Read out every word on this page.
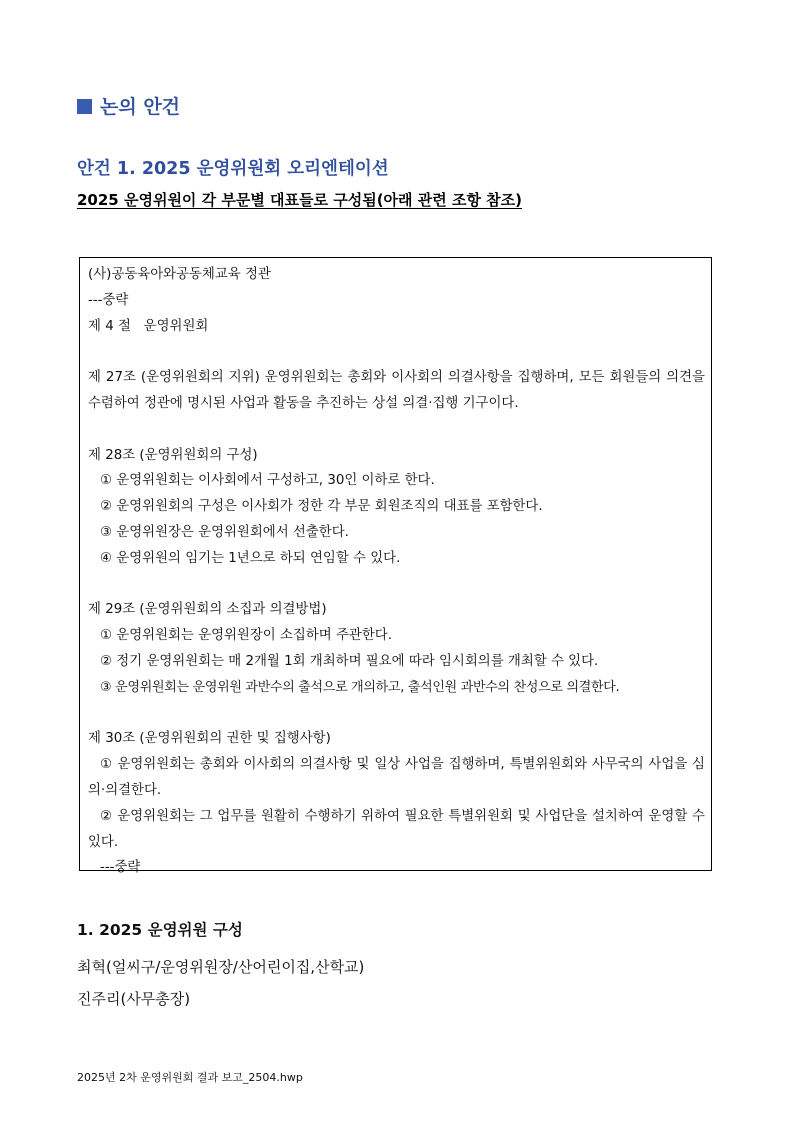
논의 안건
안건 1. 2025 운영위원회 오리엔테이션
2025 운영위원이 각 부문별 대표들로 구성됨(아래 관련 조항 참조)

(사)공동육아와공동체교육 정관

---중략

제 4 절   운영위원회

제 27조 (운영위원회의 지위) 운영위원회는 총회와 이사회의 의결사항을 집행하며, 모든 회원들의 의견을 수렴하여 정관에 명시된 사업과 활동을 추진하는 상설 의결·집행 기구이다.

제 28조 (운영위원회의 구성)

① 운영위원회는 이사회에서 구성하고, 30인 이하로 한다.

② 운영위원회의 구성은 이사회가 정한 각 부문 회원조직의 대표를 포함한다.

③ 운영위원장은 운영위원회에서 선출한다.

④ 운영위원의 임기는 1년으로 하되 연임할 수 있다.

제 29조 (운영위원회의 소집과 의결방법)

① 운영위원회는 운영위원장이 소집하며 주관한다.

② 정기 운영위원회는 매 2개월 1회 개최하며 필요에 따라 임시회의를 개최할 수 있다.

③ 운영위원회는 운영위원 과반수의 출석으로 개의하고, 출석인원 과반수의 찬성으로 의결한다.

제 30조 (운영위원회의 권한 및 집행사항)

① 운영위원회는 총회와 이사회의 의결사항 및 일상 사업을 집행하며, 특별위원회와 사무국의 사업을 심의·의결한다.

② 운영위원회는 그 업무를 원활히 수행하기 위하여 필요한 특별위원회 및 사업단을 설치하여 운영할 수 있다.

---중략

1. 2025 운영위원 구성
최혁(얼씨구/운영위원장/산어린이집,산학교)
진주리(사무총장)
2025년 2차 운영위원회 결과 보고_2504.hwp
